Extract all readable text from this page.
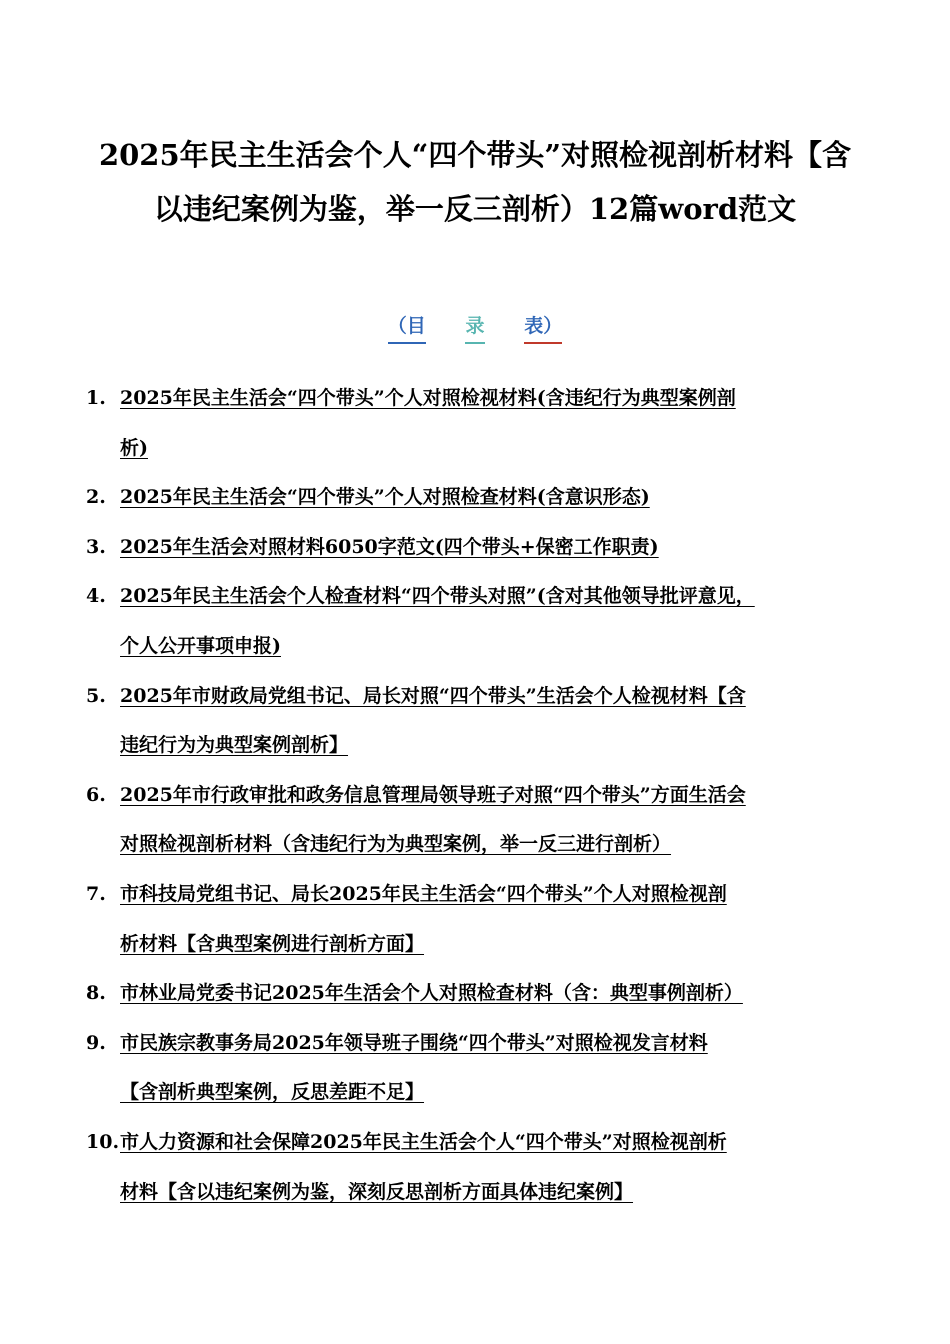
2025年民主生活会个人“四个带头”对照检视剖析材料【含
以违纪案例为鉴，举一反三剖析）12篇word范文
（目 录 表）
1. 2025年民主生活会“四个带头”个人对照检视材料(含违纪行为典型案例剖
析)
2. 2025年民主生活会“四个带头”个人对照检查材料(含意识形态)
3. 2025年生活会对照材料6050字范文(四个带头+保密工作职责)
4. 2025年民主生活会个人检查材料“四个带头对照”(含对其他领导批评意见，
个人公开事项申报)
5. 2025年市财政局党组书记、局长对照“四个带头”生活会个人检视材料【含
违纪行为为典型案例剖析】
6. 2025年市行政审批和政务信息管理局领导班子对照“四个带头”方面生活会
对照检视剖析材料（含违纪行为为典型案例，举一反三进行剖析）
7. 市科技局党组书记、局长2025年民主生活会“四个带头”个人对照检视剖
析材料【含典型案例进行剖析方面】
8. 市林业局党委书记2025年生活会个人对照检查材料（含：典型事例剖析）
9. 市民族宗教事务局2025年领导班子围绕“四个带头”对照检视发言材料
【含剖析典型案例，反思差距不足】
10. 市人力资源和社会保障2025年民主生活会个人“四个带头”对照检视剖析
材料【含以违纪案例为鉴，深刻反思剖析方面具体违纪案例】
